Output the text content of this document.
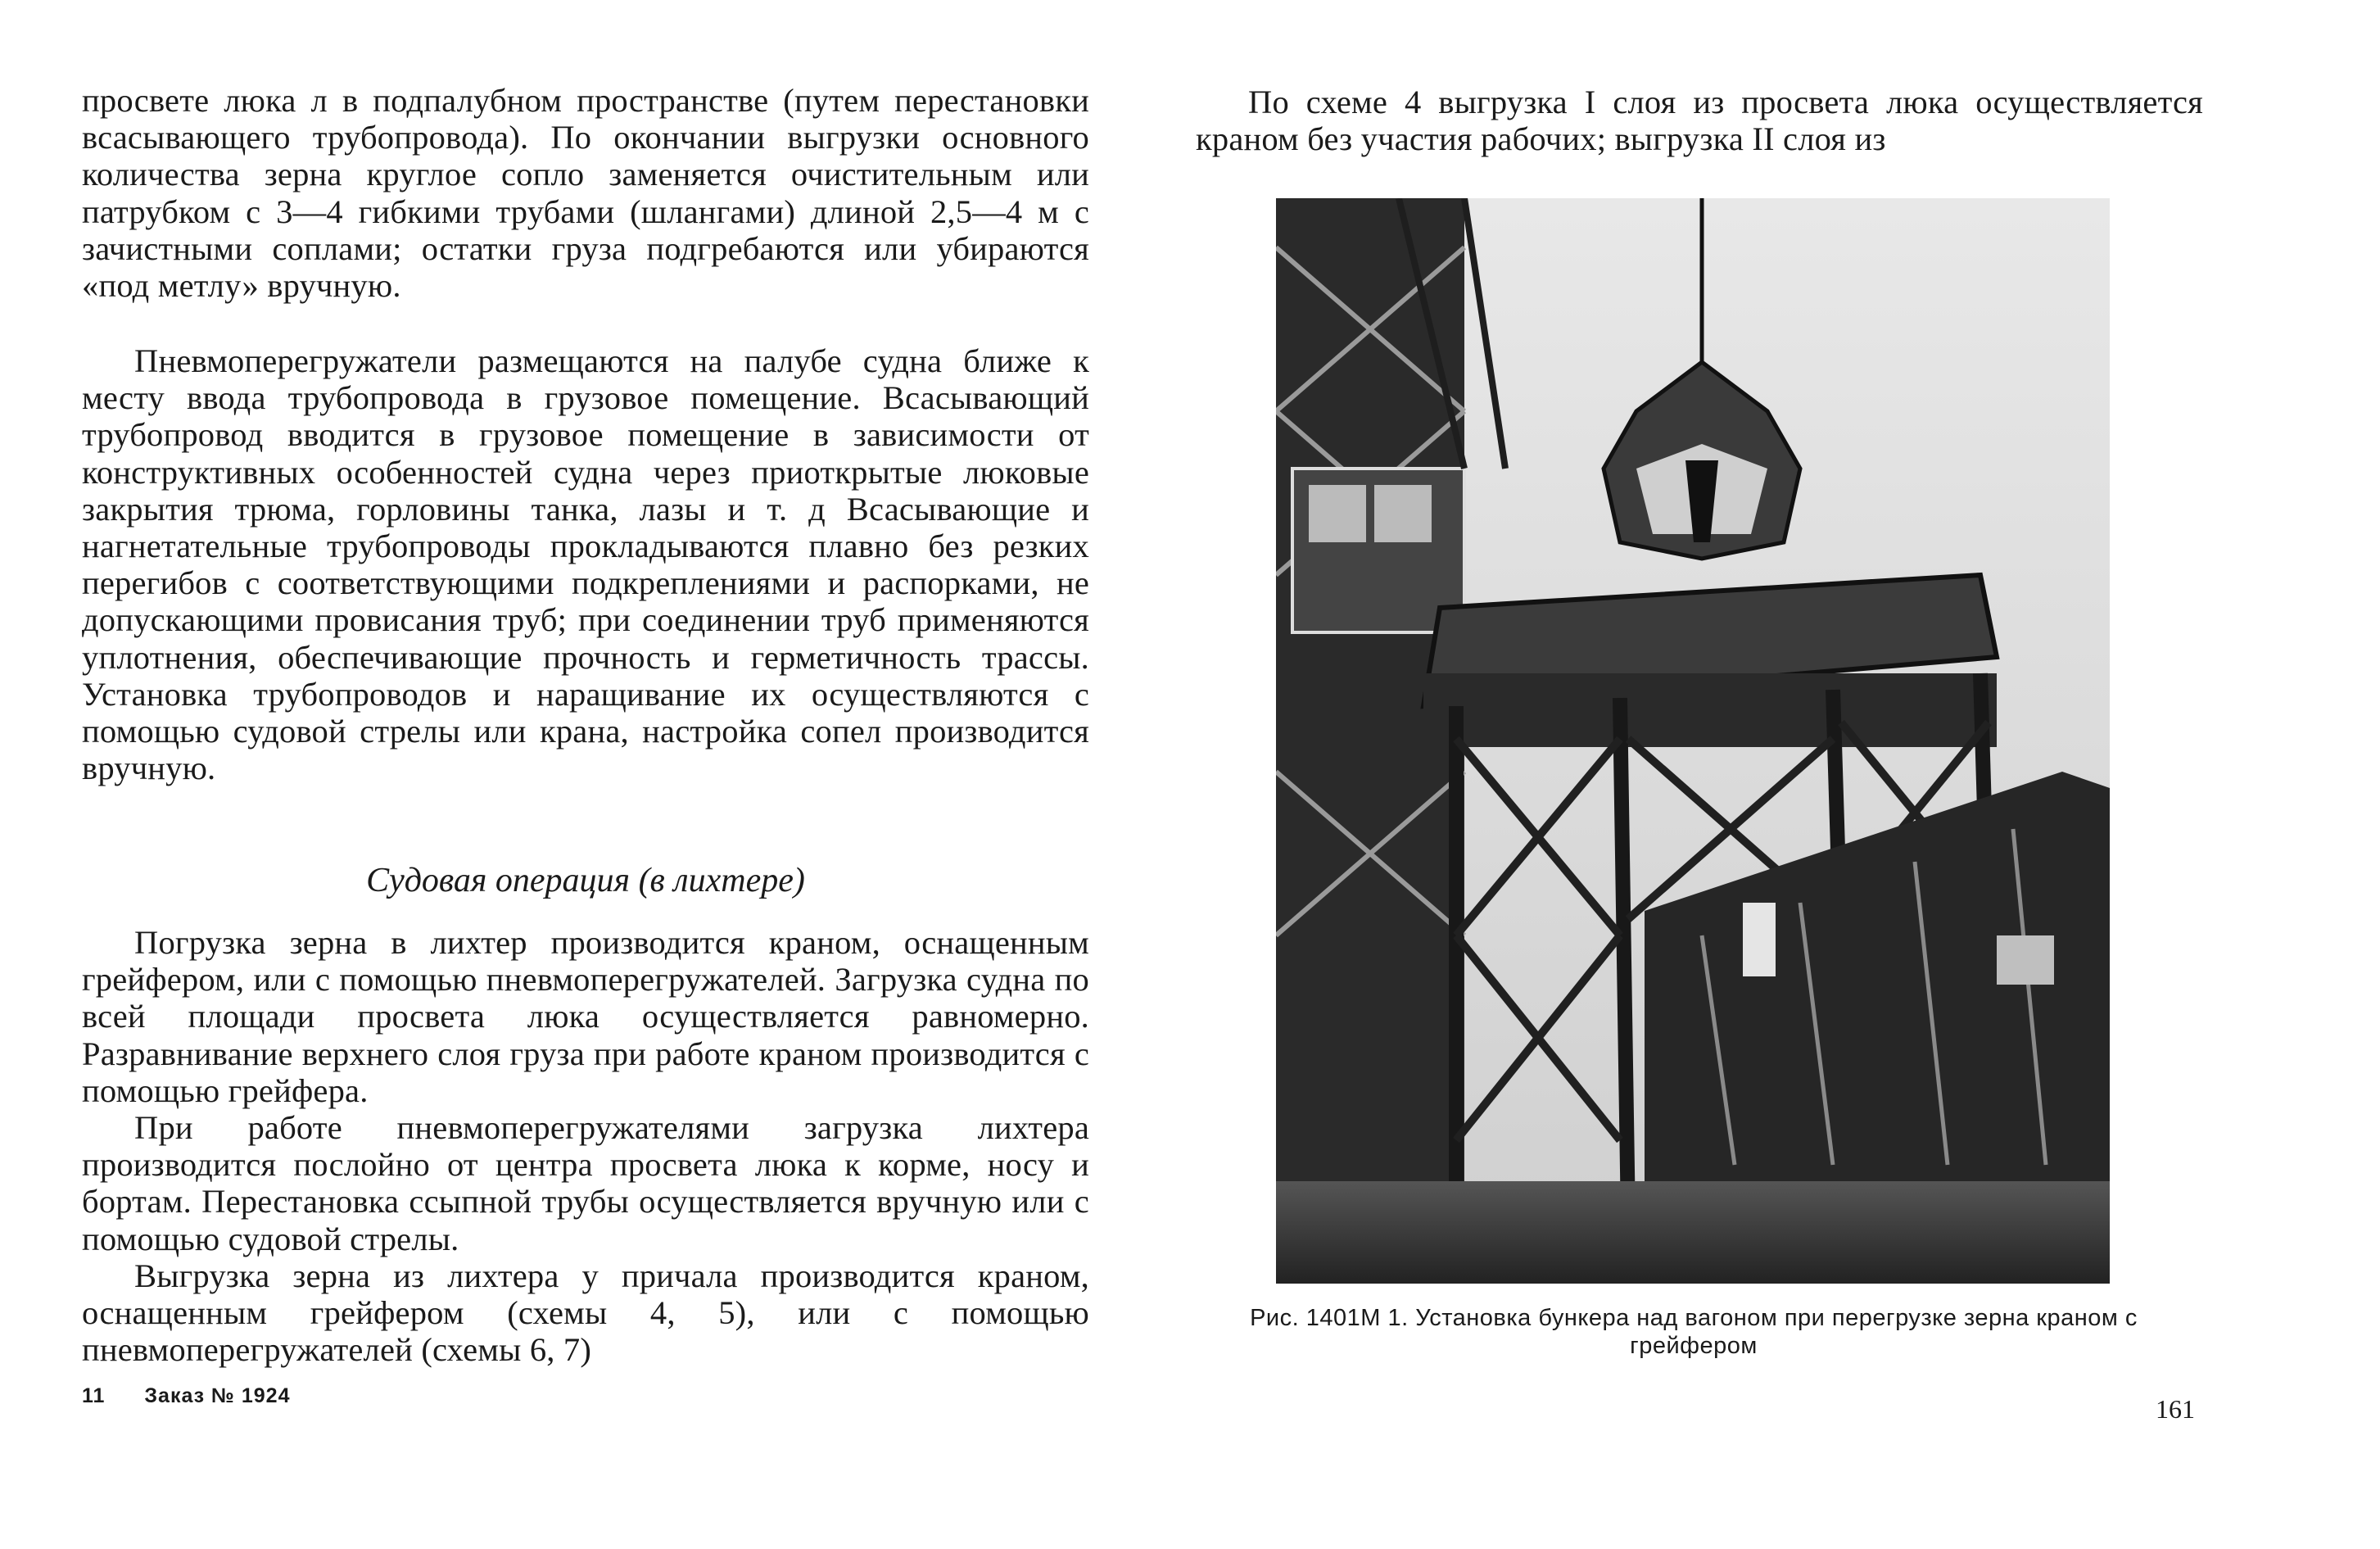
просвете люка л в подпалубном пространстве (путем перестановки всасывающего трубопровода). По окончании выгрузки основного количества зерна круглое сопло заменяется очистительным или патрубком с 3—4 гибкими трубами (шлангами) длиной 2,5—4 м с зачистными соплами; остатки груза подгребаются или убираются «под метлу» вручную.

Пневмоперегружатели размещаются на палубе судна ближе к месту ввода трубопровода в грузовое помещение. Всасывающий трубопровод вводится в грузовое помещение в зависимости от конструктивных особенностей судна через приоткрытые люковые закрытия трюма, горловины танка, лазы и т. д Всасывающие и нагнетательные трубопроводы прокладываются плавно без резких перегибов с соответствующими подкреплениями и распорками, не допускающими провисания труб; при соединении труб применяются уплотнения, обеспечивающие прочность и герметичность трассы. Установка трубопроводов и наращивание их осуществляются с помощью судовой стрелы или крана, настройка сопел производится вручную.

Судовая операция (в лихтере)

Погрузка зерна в лихтер производится краном, оснащенным грейфером, или с помощью пневмоперегружателей. Загрузка судна по всей площади просвета люка осуществляется равномерно. Разравнивание верхнего слоя груза при работе краном производится с помощью грейфера.

При работе пневмоперегружателями загрузка лихтера производится послойно от центра просвета люка к корме, носу и бортам. Перестановка ссыпной трубы осуществляется вручную или с помощью судовой стрелы.

Выгрузка зерна из лихтера у причала производится краном, оснащенным грейфером (схемы 4, 5), или с помощью пневмоперегружателей (схемы 6, 7)

11 Заказ № 1924

По схеме 4 выгрузка I слоя из просвета люка осуществляется краном без участия рабочих; выгрузка II слоя из

Рис. 1401М 1. Установка бункера над вагоном при перегрузке зерна краном с грейфером
161
